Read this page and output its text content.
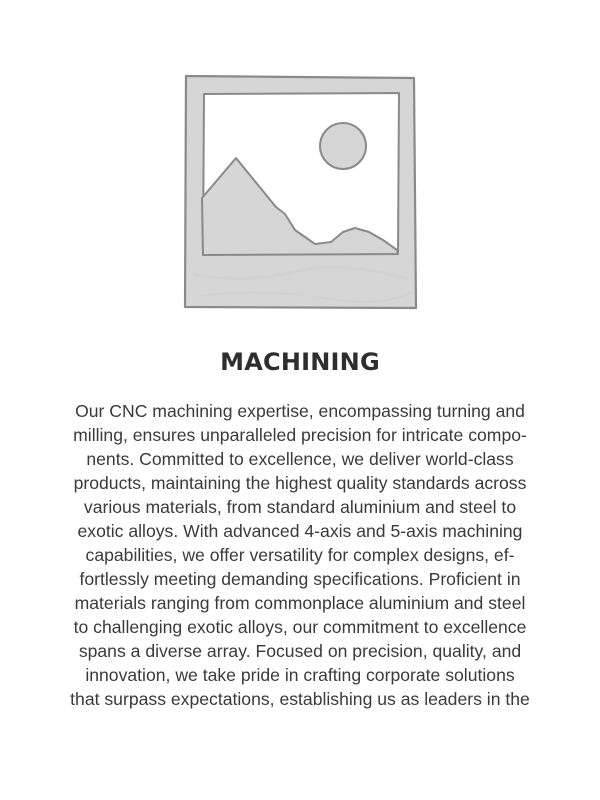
MACHINING

Our CNC machining expertise, encompassing turning and
milling, ensures unparalleled precision for intricate compo-
nents. Committed to excellence, we deliver world-class
products, maintaining the highest quality standards across
various materials, from standard aluminium and steel to
exotic alloys. With advanced 4-axis and 5-axis machining
capabilities, we offer versatility for complex designs, ef-
fortlessly meeting demanding specifications. Proficient in
materials ranging from commonplace aluminium and steel
to challenging exotic alloys, our commitment to excellence
spans a diverse array. Focused on precision, quality, and
innovation, we take pride in crafting corporate solutions
that surpass expectations, establishing us as leaders in the
